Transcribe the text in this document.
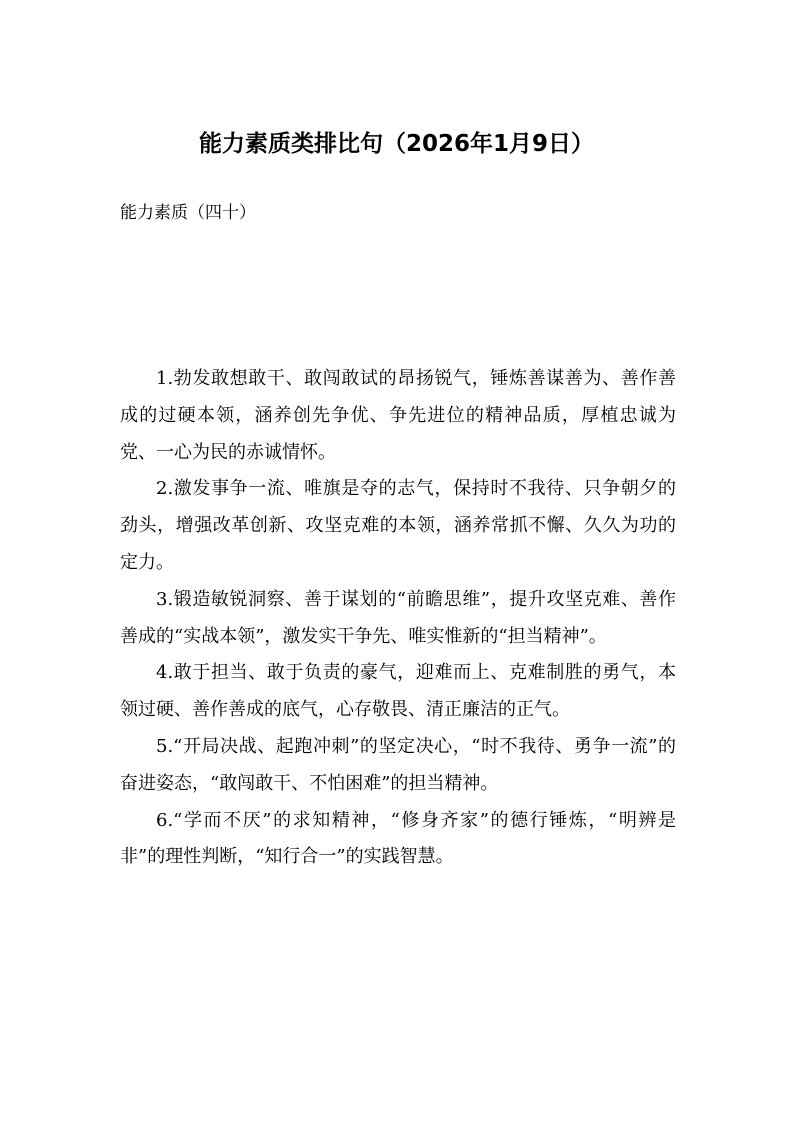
能力素质类排比句（2026年1月9日）

能力素质（四十）

1.勃发敢想敢干、敢闯敢试的昂扬锐气，锤炼善谋善为、善作善成的过硬本领，涵养创先争优、争先进位的精神品质，厚植忠诚为党、一心为民的赤诚情怀。

2.激发事争一流、唯旗是夺的志气，保持时不我待、只争朝夕的劲头，增强改革创新、攻坚克难的本领，涵养常抓不懈、久久为功的定力。

3.锻造敏锐洞察、善于谋划的“前瞻思维”，提升攻坚克难、善作善成的“实战本领”，激发实干争先、唯实惟新的“担当精神”。

4.敢于担当、敢于负责的豪气，迎难而上、克难制胜的勇气，本领过硬、善作善成的底气，心存敬畏、清正廉洁的正气。

5.“开局决战、起跑冲刺”的坚定决心，“时不我待、勇争一流”的奋进姿态，“敢闯敢干、不怕困难”的担当精神。

6.“学而不厌”的求知精神，“修身齐家”的德行锤炼，“明辨是非”的理性判断，“知行合一”的实践智慧。
